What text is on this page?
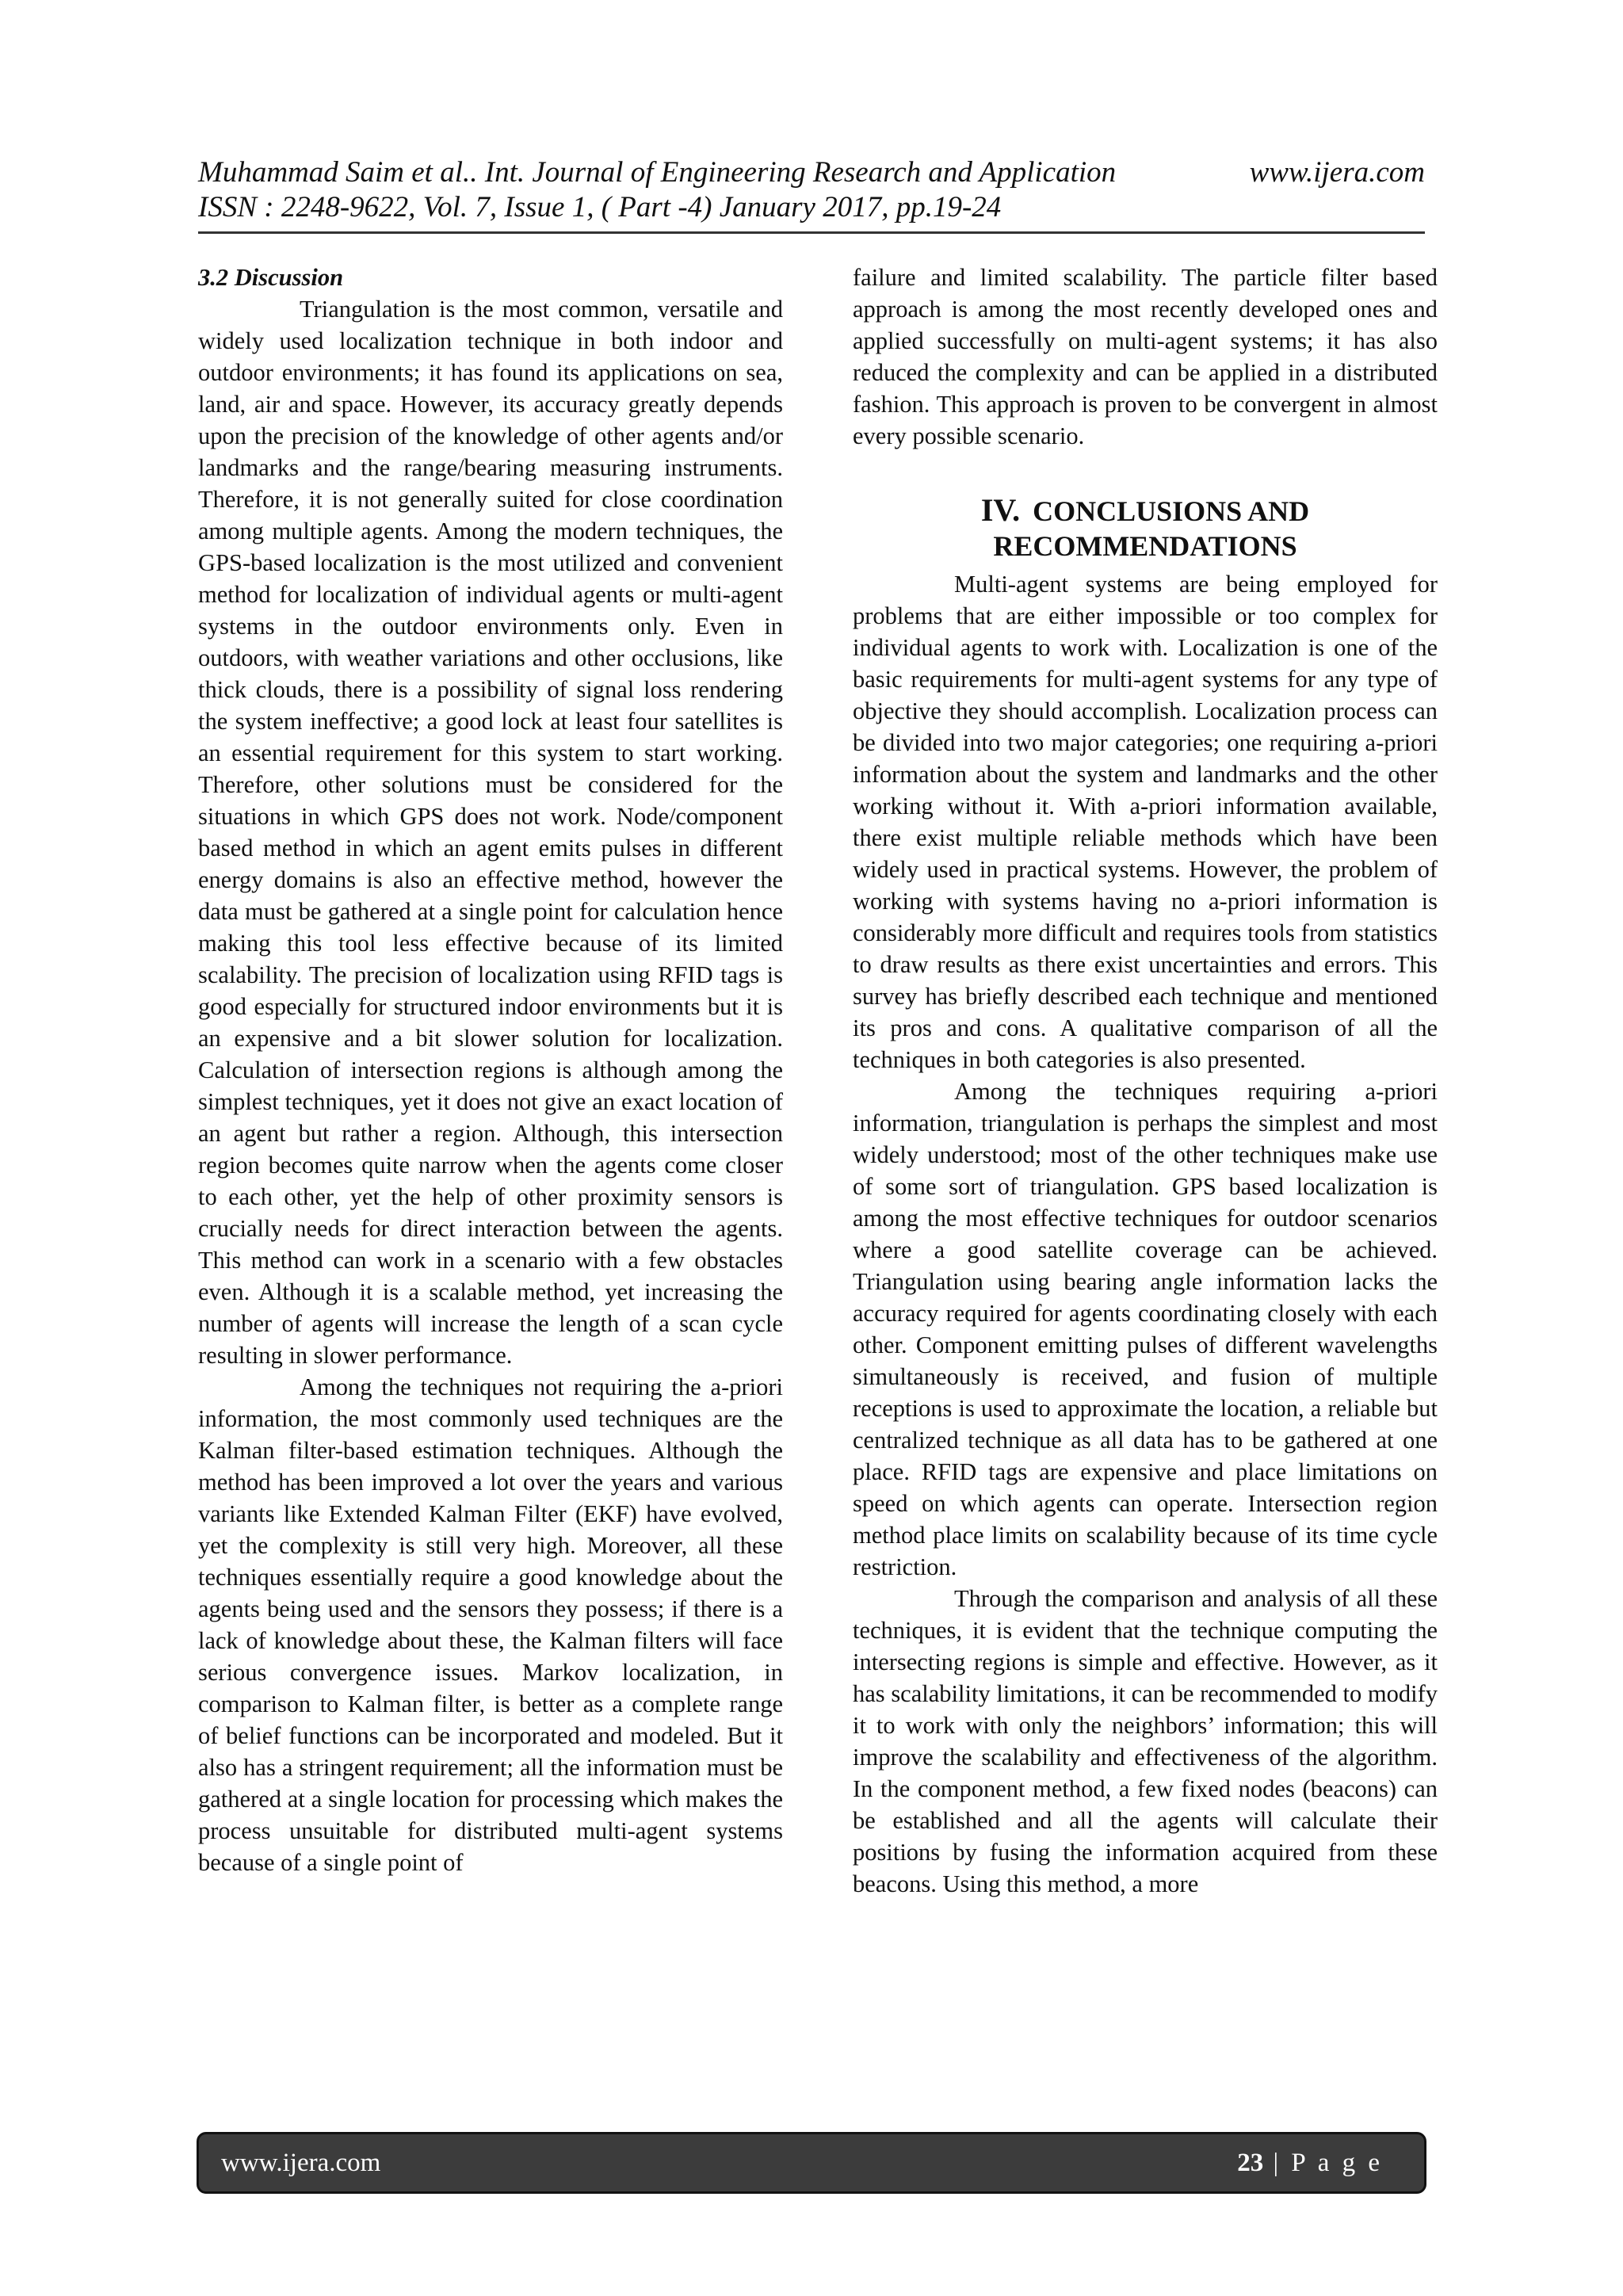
Muhammad Saim et al.. Int. Journal of Engineering Research and Application	www.ijera.com
ISSN : 2248-9622, Vol. 7, Issue 1, ( Part -4) January 2017, pp.19-24

3.2 Discussion

Triangulation is the most common, versatile and widely used localization technique in both indoor and outdoor environments; it has found its applications on sea, land, air and space. However, its accuracy greatly depends upon the precision of the knowledge of other agents and/or landmarks and the range/bearing measuring instruments. Therefore, it is not generally suited for close coordination among multiple agents. Among the modern techniques, the GPS-based localization is the most utilized and convenient method for localization of individual agents or multi-agent systems in the outdoor environments only. Even in outdoors, with weather variations and other occlusions, like thick clouds, there is a possibility of signal loss rendering the system ineffective; a good lock at least four satellites is an essential requirement for this system to start working. Therefore, other solutions must be considered for the situations in which GPS does not work. Node/component based method in which an agent emits pulses in different energy domains is also an effective method, however the data must be gathered at a single point for calculation hence making this tool less effective because of its limited scalability. The precision of localization using RFID tags is good especially for structured indoor environments but it is an expensive and a bit slower solution for localization. Calculation of intersection regions is although among the simplest techniques, yet it does not give an exact location of an agent but rather a region. Although, this intersection region becomes quite narrow when the agents come closer to each other, yet the help of other proximity sensors is crucially needs for direct interaction between the agents. This method can work in a scenario with a few obstacles even. Although it is a scalable method, yet increasing the number of agents will increase the length of a scan cycle resulting in slower performance.

Among the techniques not requiring the a-priori information, the most commonly used techniques are the Kalman filter-based estimation techniques. Although the method has been improved a lot over the years and various variants like Extended Kalman Filter (EKF) have evolved, yet the complexity is still very high. Moreover, all these techniques essentially require a good knowledge about the agents being used and the sensors they possess; if there is a lack of knowledge about these, the Kalman filters will face serious convergence issues. Markov localization, in comparison to Kalman filter, is better as a complete range of belief functions can be incorporated and modeled. But it also has a stringent requirement; all the information must be gathered at a single location for processing which makes the process unsuitable for distributed multi-agent systems because of a single point of

failure and limited scalability. The particle filter based approach is among the most recently developed ones and applied successfully on multi-agent systems; it has also reduced the complexity and can be applied in a distributed fashion. This approach is proven to be convergent in almost every possible scenario.

IV. CONCLUSIONS AND RECOMMENDATIONS

Multi-agent systems are being employed for problems that are either impossible or too complex for individual agents to work with. Localization is one of the basic requirements for multi-agent systems for any type of objective they should accomplish. Localization process can be divided into two major categories; one requiring a-priori information about the system and landmarks and the other working without it. With a-priori information available, there exist multiple reliable methods which have been widely used in practical systems. However, the problem of working with systems having no a-priori information is considerably more difficult and requires tools from statistics to draw results as there exist uncertainties and errors. This survey has briefly described each technique and mentioned its pros and cons. A qualitative comparison of all the techniques in both categories is also presented.

Among the techniques requiring a-priori information, triangulation is perhaps the simplest and most widely understood; most of the other techniques make use of some sort of triangulation. GPS based localization is among the most effective techniques for outdoor scenarios where a good satellite coverage can be achieved. Triangulation using bearing angle information lacks the accuracy required for agents coordinating closely with each other. Component emitting pulses of different wavelengths simultaneously is received, and fusion of multiple receptions is used to approximate the location, a reliable but centralized technique as all data has to be gathered at one place. RFID tags are expensive and place limitations on speed on which agents can operate. Intersection region method place limits on scalability because of its time cycle restriction.

Through the comparison and analysis of all these techniques, it is evident that the technique computing the intersecting regions is simple and effective. However, as it has scalability limitations, it can be recommended to modify it to work with only the neighbors’ information; this will improve the scalability and effectiveness of the algorithm. In the component method, a few fixed nodes (beacons) can be established and all the agents will calculate their positions by fusing the information acquired from these beacons. Using this method, a more

www.ijera.com	23 | P a g e
